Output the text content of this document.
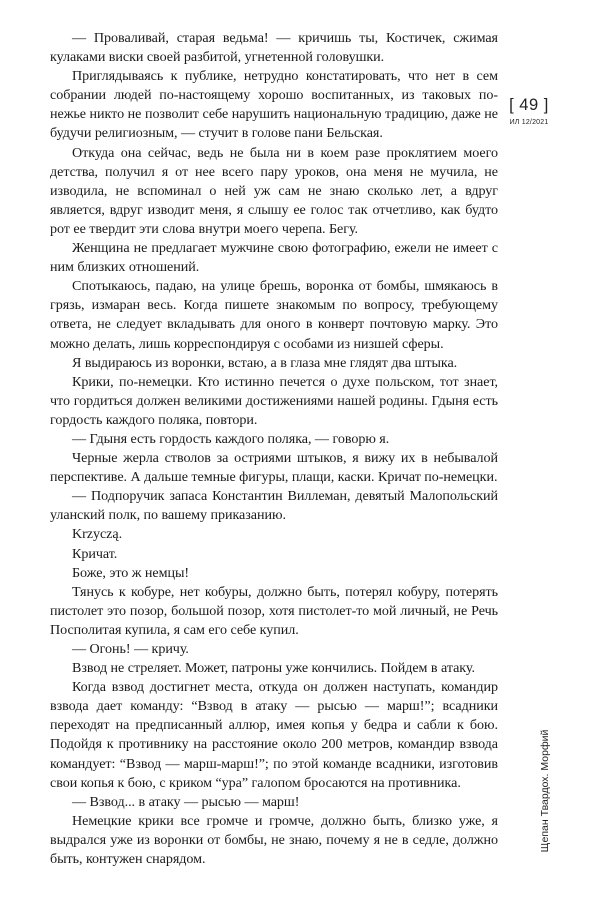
— Проваливай, старая ведьма! — кричишь ты, Костичек, сжимая кулаками виски своей разбитой, угнетенной головушки.

Приглядываясь к публике, нетрудно констатировать, что нет в сем собрании людей по-настоящему хорошо воспитанных, из таковых по-нежье никто не позволит себе нарушить национальную традицию, даже не будучи религиозным, — стучит в голове пани Бельская.

Откуда она сейчас, ведь не была ни в коем разе проклятием моего детства, получил я от нее всего пару уроков, она меня не мучила, не изводила, не вспоминал о ней уж сам не знаю сколько лет, а вдруг является, вдруг изводит меня, я слышу ее голос так отчетливо, как будто рот ее твердит эти слова внутри моего черепа. Бегу.

Женщина не предлагает мужчине свою фотографию, ежели не имеет с ним близких отношений.

Спотыкаюсь, падаю, на улице брешь, воронка от бомбы, шмякаюсь в грязь, измаран весь. Когда пишете знакомым по вопросу, требующему ответа, не следует вкладывать для оного в конверт почтовую марку. Это можно делать, лишь корреспондируя с особами из низшей сферы.

Я выдираюсь из воронки, встаю, а в глаза мне глядят два штыка.

Крики, по-немецки. Кто истинно печется о духе польском, тот знает, что гордиться должен великими достижениями нашей родины. Гдыня есть гордость каждого поляка, повтори.

— Гдыня есть гордость каждого поляка, — говорю я.

Черные жерла стволов за остриями штыков, я вижу их в небывалой перспективе. А дальше темные фигуры, плащи, каски. Кричат по-немецки.

— Подпоручик запаса Константин Виллеман, девятый Малопольский уланский полк, по вашему приказанию.

Krzyczą.

Кричат.

Боже, это ж немцы!

Тянусь к кобуре, нет кобуры, должно быть, потерял кобуру, потерять пистолет это позор, большой позор, хотя пистолет-то мой личный, не Речь Посполитая купила, я сам его себе купил.

— Огонь! — кричу.

Взвод не стреляет. Может, патроны уже кончились. Пойдем в атаку.

Когда взвод достигнет места, откуда он должен наступать, командир взвода дает команду: “Взвод в атаку — рысью — марш!”; всадники переходят на предписанный аллюр, имея копья у бедра и сабли к бою. Подойдя к противнику на расстояние около 200 метров, командир взвода командует: “Взвод — марш-марш!”; по этой команде всадники, изготовив свои копья к бою, с криком “ура” галопом бросаются на противника.

— Взвод... в атаку — рысью — марш!

Немецкие крики все громче и громче, должно быть, близко уже, я выдрался уже из воронки от бомбы, не знаю, почему я не в седле, должно быть, контужен снарядом.

[ 49 ]
ИЛ 12/2021
Щепан Твардох. Морфий
